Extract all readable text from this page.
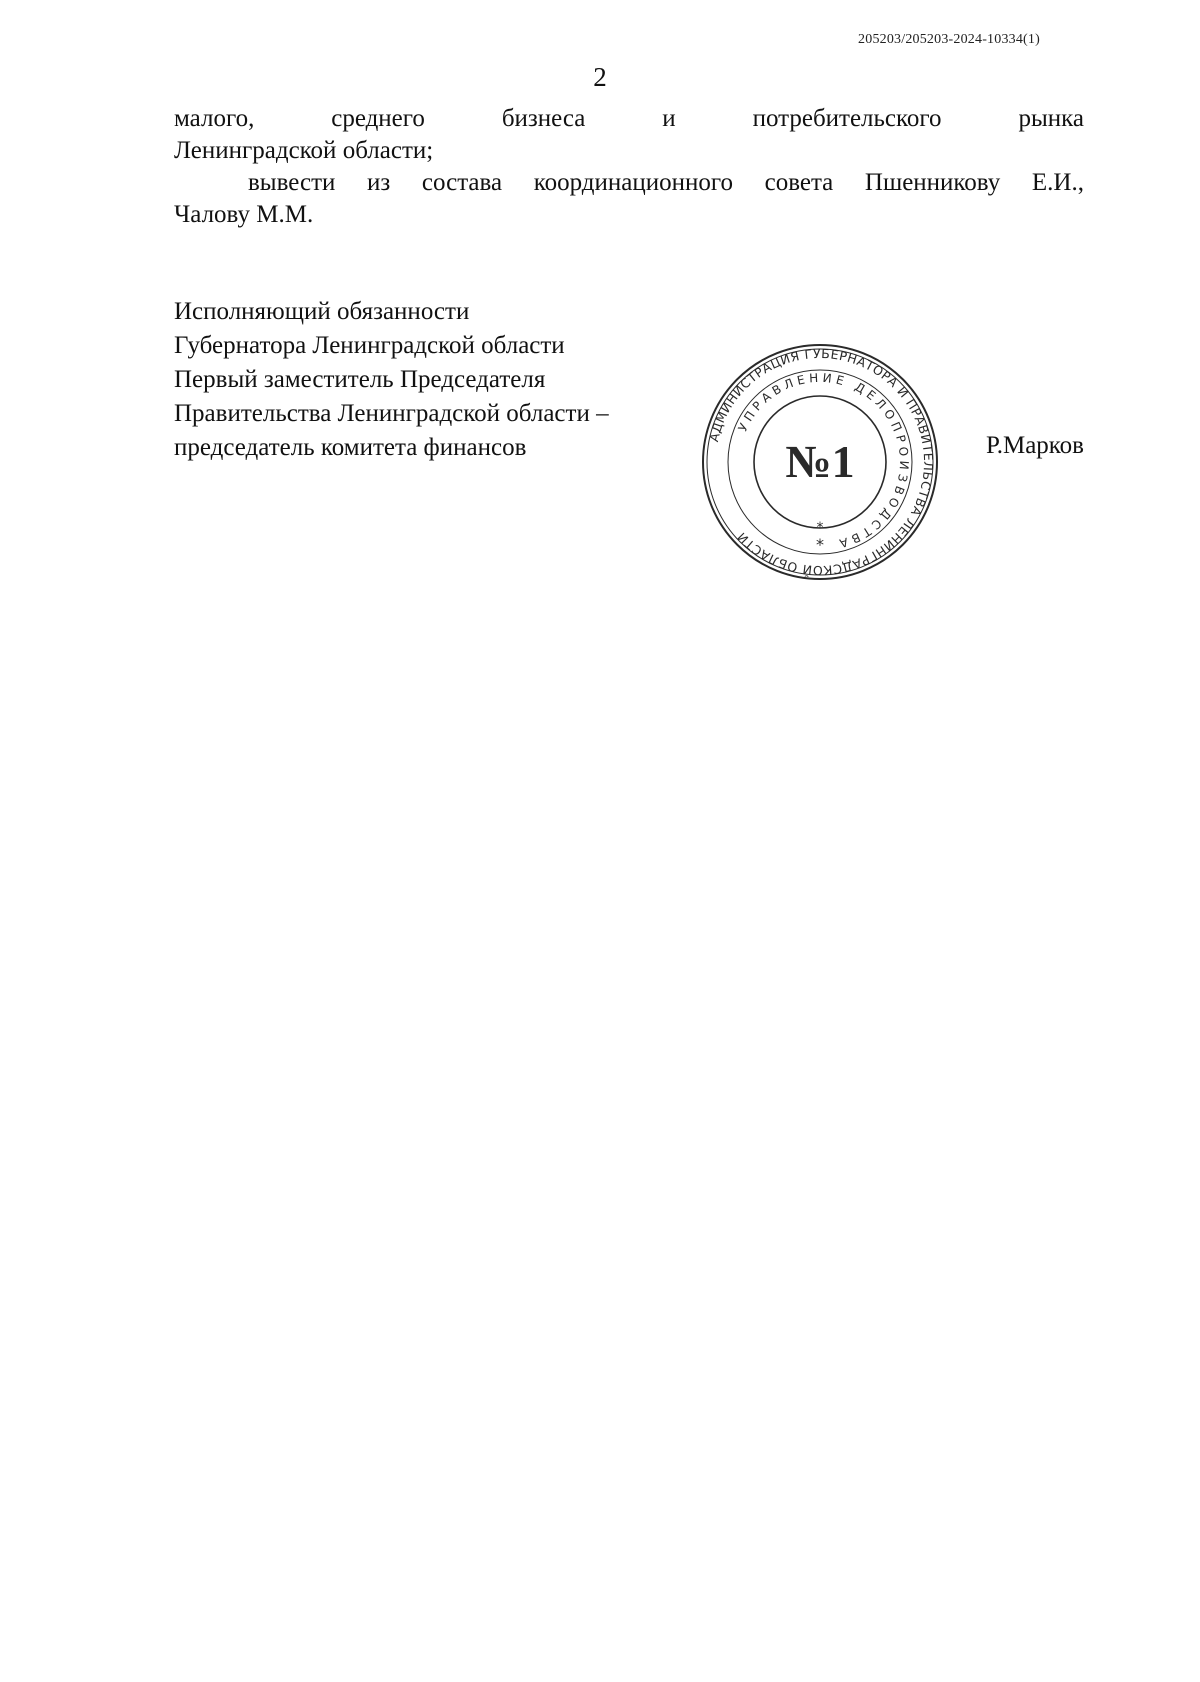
205203/205203-2024-10334(1)
2
малого,	среднего	бизнеса	и	потребительского	рынка
Ленинградской области;
вывести из состава координационного совета Пшенникову Е.И.,
Чалову М.М.
Исполняющий обязанности
Губернатора Ленинградской области
Первый заместитель Председателя
Правительства Ленинградской области –
председатель комитета финансов	Р.Марков
АДМИНИСТРАЦИЯ ГУБЕРНАТОРА И ПРАВИТЕЛЬСТВА ЛЕНИНГРАДСКОЙ ОБЛАСТИ
УПРАВЛЕНИЕ ДЕЛОПРОИЗВОДСТВА
№1
*
*
